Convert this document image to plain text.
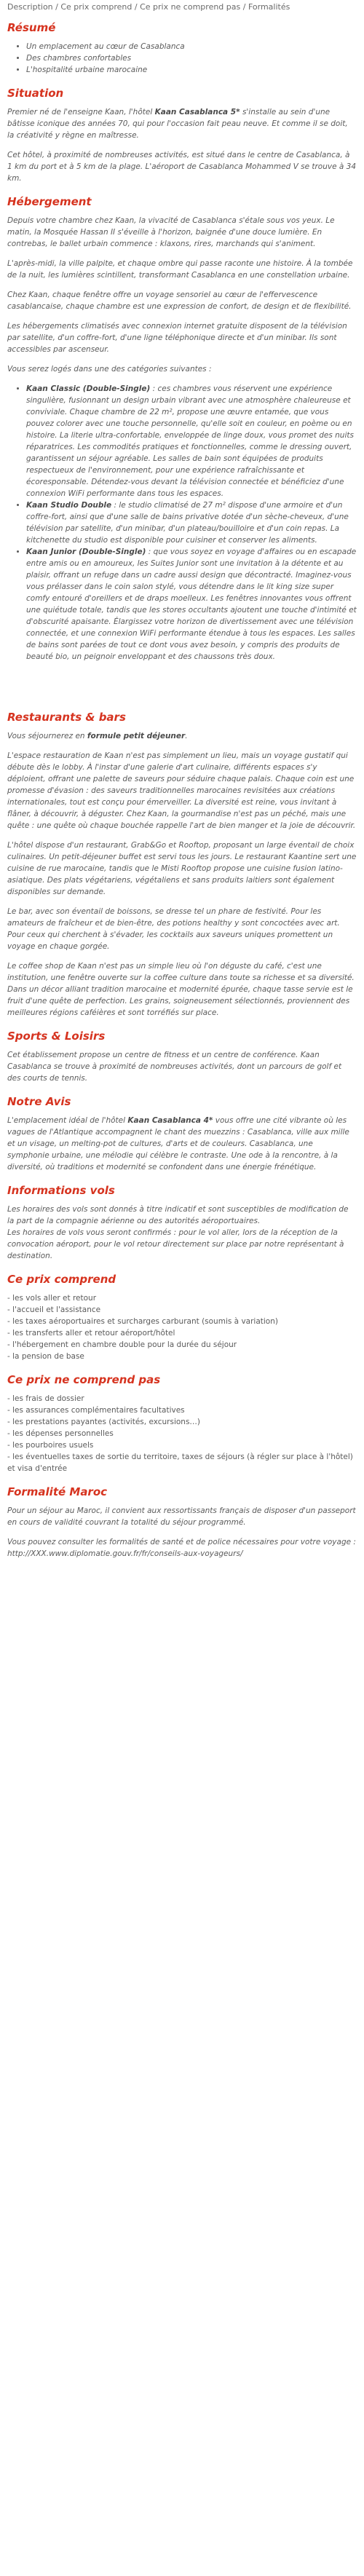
Description / Ce prix comprend / Ce prix ne comprend pas / Formalités
Résumé
• Un emplacement au cœur de Casablanca
• Des chambres confortables
• L'hospitalité urbaine marocaine
Situation

Premier né de l'enseigne Kaan, l'hôtel Kaan Casablanca 5* s'installe au sein d'une bâtisse iconique des années 70, qui pour l'occasion fait peau neuve. Et comme il se doit, la créativité y règne en maîtresse.

Cet hôtel, à proximité de nombreuses activités, est situé dans le centre de Casablanca, à 1 km du port et à 5 km de la plage. L'aéroport de Casablanca Mohammed V se trouve à 34 km.

Hébergement

Depuis votre chambre chez Kaan, la vivacité de Casablanca s'étale sous vos yeux. Le matin, la Mosquée Hassan II s'éveille à l'horizon, baignée d'une douce lumière. En contrebas, le ballet urbain commence : klaxons, rires, marchands qui s'animent.

L'après-midi, la ville palpite, et chaque ombre qui passe raconte une histoire. À la tombée de la nuit, les lumières scintillent, transformant Casablanca en une constellation urbaine.

Chez Kaan, chaque fenêtre offre un voyage sensoriel au cœur de l'effervescence casablancaise, chaque chambre est une expression de confort, de design et de flexibilité.

Les hébergements climatisés avec connexion internet gratuite disposent de la télévision par satellite, d'un coffre-fort, d'une ligne téléphonique directe et d'un minibar. Ils sont accessibles par ascenseur.

Vous serez logés dans une des catégories suivantes :

• Kaan Classic (Double-Single) : ces chambres vous réservent une expérience singulière, fusionnant un design urbain vibrant avec une atmosphère chaleureuse et conviviale. Chaque chambre de 22 m², propose une œuvre entamée, que vous pouvez colorer avec une touche personnelle, qu'elle soit en couleur, en poème ou en histoire. La literie ultra-confortable, enveloppée de linge doux, vous promet des nuits réparatrices. Les commodités pratiques et fonctionnelles, comme le dressing ouvert, garantissent un séjour agréable. Les salles de bain sont équipées de produits respectueux de l'environnement, pour une expérience rafraîchissante et écoresponsable. Détendez-vous devant la télévision connectée et bénéficiez d'une connexion WiFi performante dans tous les espaces.
• Kaan Studio Double : le studio climatisé de 27 m² dispose d'une armoire et d'un coffre-fort, ainsi que d'une salle de bains privative dotée d'un sèche-cheveux, d'une télévision par satellite, d'un minibar, d'un plateau/bouilloire et d'un coin repas. La kitchenette du studio est disponible pour cuisiner et conserver les aliments.
• Kaan Junior (Double-Single) : que vous soyez en voyage d'affaires ou en escapade entre amis ou en amoureux, les Suites Junior sont une invitation à la détente et au plaisir, offrant un refuge dans un cadre aussi design que décontracté. Imaginez-vous vous prélasser dans le coin salon stylé, vous détendre dans le lit king size super comfy entouré d'oreillers et de draps moelleux. Les fenêtres innovantes vous offrent une quiétude totale, tandis que les stores occultants ajoutent une touche d'intimité et d'obscurité apaisante. Élargissez votre horizon de divertissement avec une télévision connectée, et une connexion WiFi performante étendue à tous les espaces. Les salles de bains sont parées de tout ce dont vous avez besoin, y compris des produits de beauté bio, un peignoir enveloppant et des chaussons très doux.
Restaurants & bars

Vous séjournerez en formule petit déjeuner.

L'espace restauration de Kaan n'est pas simplement un lieu, mais un voyage gustatif qui débute dès le lobby. À l'instar d'une galerie d'art culinaire, différents espaces s'y déploient, offrant une palette de saveurs pour séduire chaque palais. Chaque coin est une promesse d'évasion : des saveurs traditionnelles marocaines revisitées aux créations internationales, tout est conçu pour émerveiller. La diversité est reine, vous invitant à flâner, à découvrir, à déguster. Chez Kaan, la gourmandise n'est pas un péché, mais une quête : une quête où chaque bouchée rappelle l'art de bien manger et la joie de découvrir.

L'hôtel dispose d'un restaurant, Grab&Go et Rooftop, proposant un large éventail de choix culinaires. Un petit-déjeuner buffet est servi tous les jours. Le restaurant Kaantine sert une cuisine de rue marocaine, tandis que le Misti Rooftop propose une cuisine fusion latino-asiatique. Des plats végétariens, végétaliens et sans produits laitiers sont également disponibles sur demande.

Le bar, avec son éventail de boissons, se dresse tel un phare de festivité. Pour les amateurs de fraîcheur et de bien-être, des potions healthy y sont concoctées avec art. Pour ceux qui cherchent à s'évader, les cocktails aux saveurs uniques promettent un voyage en chaque gorgée.

Le coffee shop de Kaan n'est pas un simple lieu où l'on déguste du café, c'est une institution, une fenêtre ouverte sur la coffee culture dans toute sa richesse et sa diversité. Dans un décor alliant tradition marocaine et modernité épurée, chaque tasse servie est le fruit d'une quête de perfection. Les grains, soigneusement sélectionnés, proviennent des meilleures régions caféières et sont torréfiés sur place.

Sports & Loisirs

Cet établissement propose un centre de fitness et un centre de conférence. Kaan Casablanca se trouve à proximité de nombreuses activités, dont un parcours de golf et des courts de tennis.

Notre Avis

L'emplacement idéal de l'hôtel Kaan Casablanca 4* vous offre une cité vibrante où les vagues de l'Atlantique accompagnent le chant des muezzins : Casablanca, ville aux mille et un visage, un melting-pot de cultures, d'arts et de couleurs. Casablanca, une symphonie urbaine, une mélodie qui célèbre le contraste. Une ode à la rencontre, à la diversité, où traditions et modernité se confondent dans une énergie frénétique.

Informations vols

Les horaires des vols sont donnés à titre indicatif et sont susceptibles de modification de la part de la compagnie aérienne ou des autorités aéroportuaires.
Les horaires de vols vous seront confirmés : pour le vol aller, lors de la réception de la convocation aéroport, pour le vol retour directement sur place par notre représentant à destination.

Ce prix comprend
- les vols aller et retour
- l'accueil et l'assistance
- les taxes aéroportuaires et surcharges carburant (soumis à variation)
- les transferts aller et retour aéroport/hôtel
- l'hébergement en chambre double pour la durée du séjour
- la pension de base
Ce prix ne comprend pas
- les frais de dossier
- les assurances complémentaires facultatives
- les prestations payantes (activités, excursions…)
- les dépenses personnelles
- les pourboires usuels
- les éventuelles taxes de sortie du territoire, taxes de séjours (à régler sur place à l'hôtel) et visa d'entrée
Formalité Maroc

Pour un séjour au Maroc, il convient aux ressortissants français de disposer d'un passeport en cours de validité couvrant la totalité du séjour programmé.

Vous pouvez consulter les formalités de santé et de police nécessaires pour votre voyage : http://XXX.www.diplomatie.gouv.fr/fr/conseils-aux-voyageurs/
